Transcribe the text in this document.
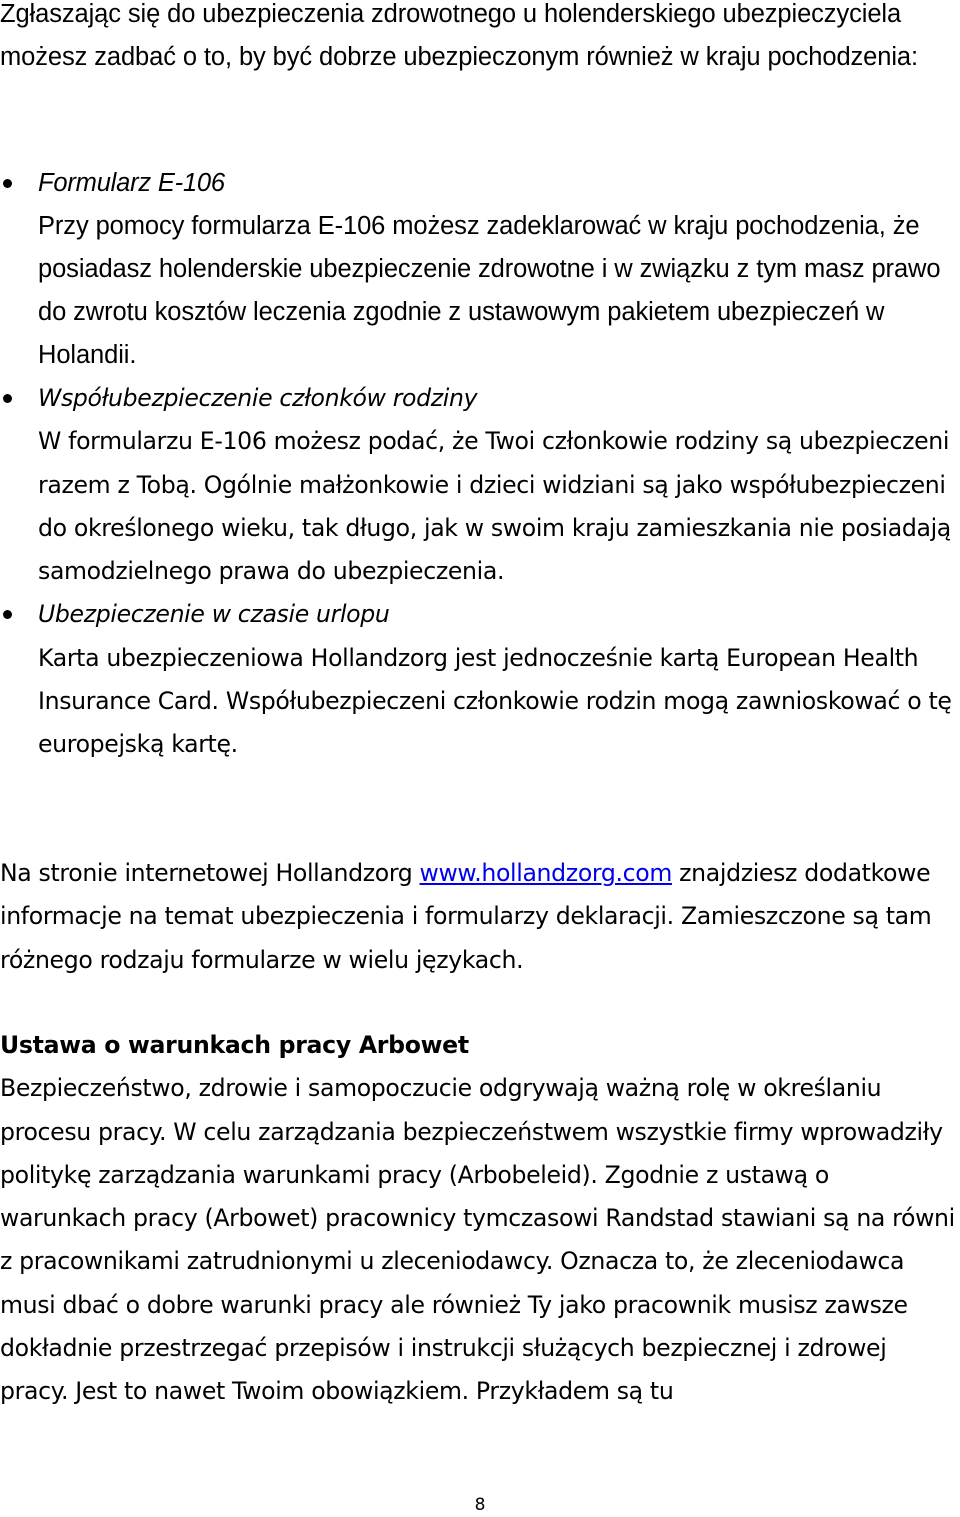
Zgłaszając się do ubezpieczenia zdrowotnego u holenderskiego ubezpieczyciela możesz zadbać o to, by być dobrze ubezpieczonym również w kraju pochodzenia:

Formularz E-106
Przy pomocy formularza E-106 możesz zadeklarować w kraju pochodzenia, że posiadasz holenderskie ubezpieczenie zdrowotne i w związku z tym masz prawo do zwrotu kosztów leczenia zgodnie z ustawowym pakietem ubezpieczeń w Holandii.
Współubezpieczenie członków rodziny
W formularzu E-106 możesz podać, że Twoi członkowie rodziny są ubezpieczeni razem z Tobą. Ogólnie małżonkowie i dzieci widziani są jako współubezpieczeni do określonego wieku, tak długo, jak w swoim kraju zamieszkania nie posiadają samodzielnego prawa do ubezpieczenia.
Ubezpieczenie w czasie urlopu
Karta ubezpieczeniowa Hollandzorg jest jednocześnie kartą European Health Insurance Card. Współubezpieczeni członkowie rodzin mogą zawnioskować o tę europejską kartę.

Na stronie internetowej Hollandzorg www.hollandzorg.com znajdziesz dodatkowe informacje na temat ubezpieczenia i formularzy deklaracji. Zamieszczone są tam różnego rodzaju formularze w wielu językach.

Ustawa o warunkach pracy Arbowet

Bezpieczeństwo, zdrowie i samopoczucie odgrywają ważną rolę w określaniu procesu pracy. W celu zarządzania bezpieczeństwem wszystkie firmy wprowadziły politykę zarządzania warunkami pracy (Arbobeleid). Zgodnie z ustawą o warunkach pracy (Arbowet) pracownicy tymczasowi Randstad stawiani są na równi z pracownikami zatrudnionymi u zleceniodawcy. Oznacza to, że zleceniodawca musi dbać o dobre warunki pracy ale również Ty jako pracownik musisz zawsze dokładnie przestrzegać przepisów i instrukcji służących bezpiecznej i zdrowej pracy. Jest to nawet Twoim obowiązkiem. Przykładem są tu

8
